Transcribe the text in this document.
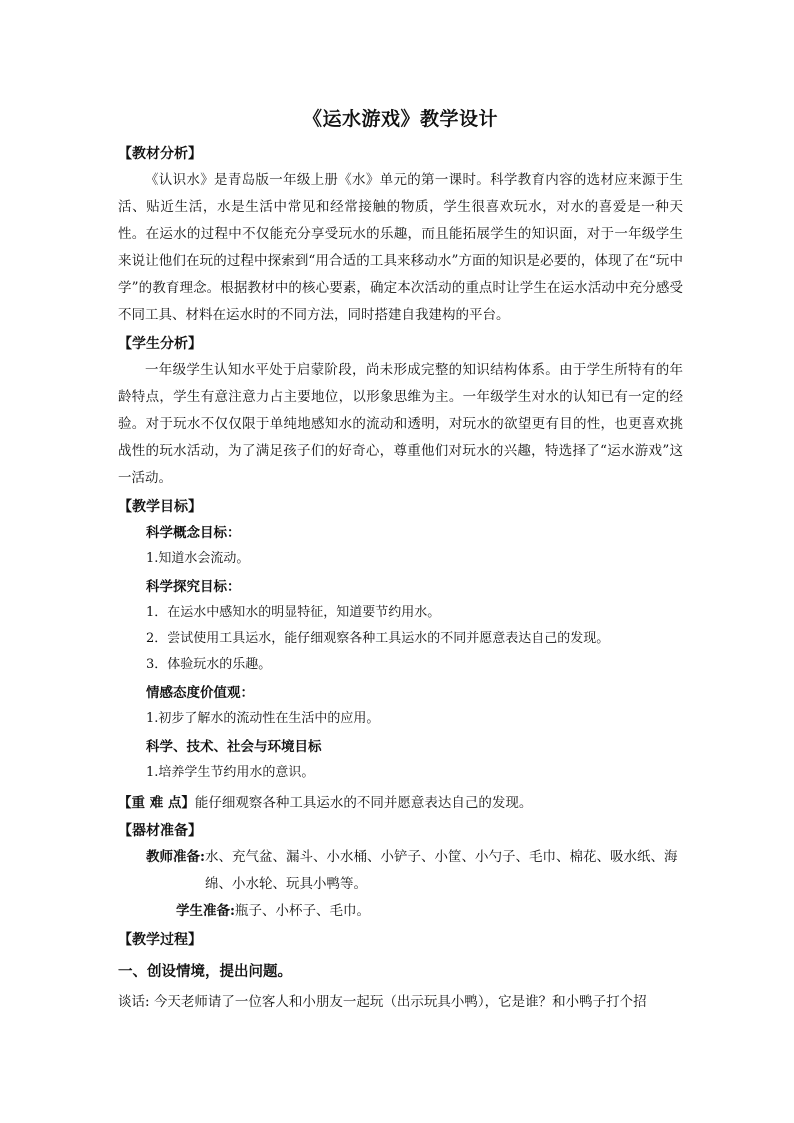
《运水游戏》教学设计
【教材分析】

《认识水》是青岛版一年级上册《水》单元的第一课时。科学教育内容的选材应来源于生活、贴近生活，水是生活中常见和经常接触的物质，学生很喜欢玩水，对水的喜爱是一种天性。在运水的过程中不仅能充分享受玩水的乐趣，而且能拓展学生的知识面，对于一年级学生来说让他们在玩的过程中探索到“用合适的工具来移动水”方面的知识是必要的，体现了在“玩中学”的教育理念。根据教材中的核心要素，确定本次活动的重点时让学生在运水活动中充分感受不同工具、材料在运水时的不同方法，同时搭建自我建构的平台。

【学生分析】

一年级学生认知水平处于启蒙阶段，尚未形成完整的知识结构体系。由于学生所特有的年龄特点，学生有意注意力占主要地位，以形象思维为主。一年级学生对水的认知已有一定的经验。对于玩水不仅仅限于单纯地感知水的流动和透明，对玩水的欲望更有目的性，也更喜欢挑战性的玩水活动，为了满足孩子们的好奇心，尊重他们对玩水的兴趣，特选择了“运水游戏”这一活动。

【教学目标】
科学概念目标：
1.知道水会流动。
科学探究目标：
1．在运水中感知水的明显特征，知道要节约用水。
2．尝试使用工具运水，能仔细观察各种工具运水的不同并愿意表达自己的发现。
3．体验玩水的乐趣。
情感态度价值观：
1.初步了解水的流动性在生活中的应用。
科学、技术、社会与环境目标
1.培养学生节约用水的意识。
【重 难 点】能仔细观察各种工具运水的不同并愿意表达自己的发现。
【器材准备】
教师准备: 水、充气盆、漏斗、小水桶、小铲子、小筐、小勺子、毛巾、棉花、吸水纸、海绵、小水轮、玩具小鸭等。
学生准备: 瓶子、小杯子、毛巾。
【教学过程】
一、创设情境，提出问题。

谈话: 今天老师请了一位客人和小朋友一起玩（出示玩具小鸭），它是谁？和小鸭子打个招
